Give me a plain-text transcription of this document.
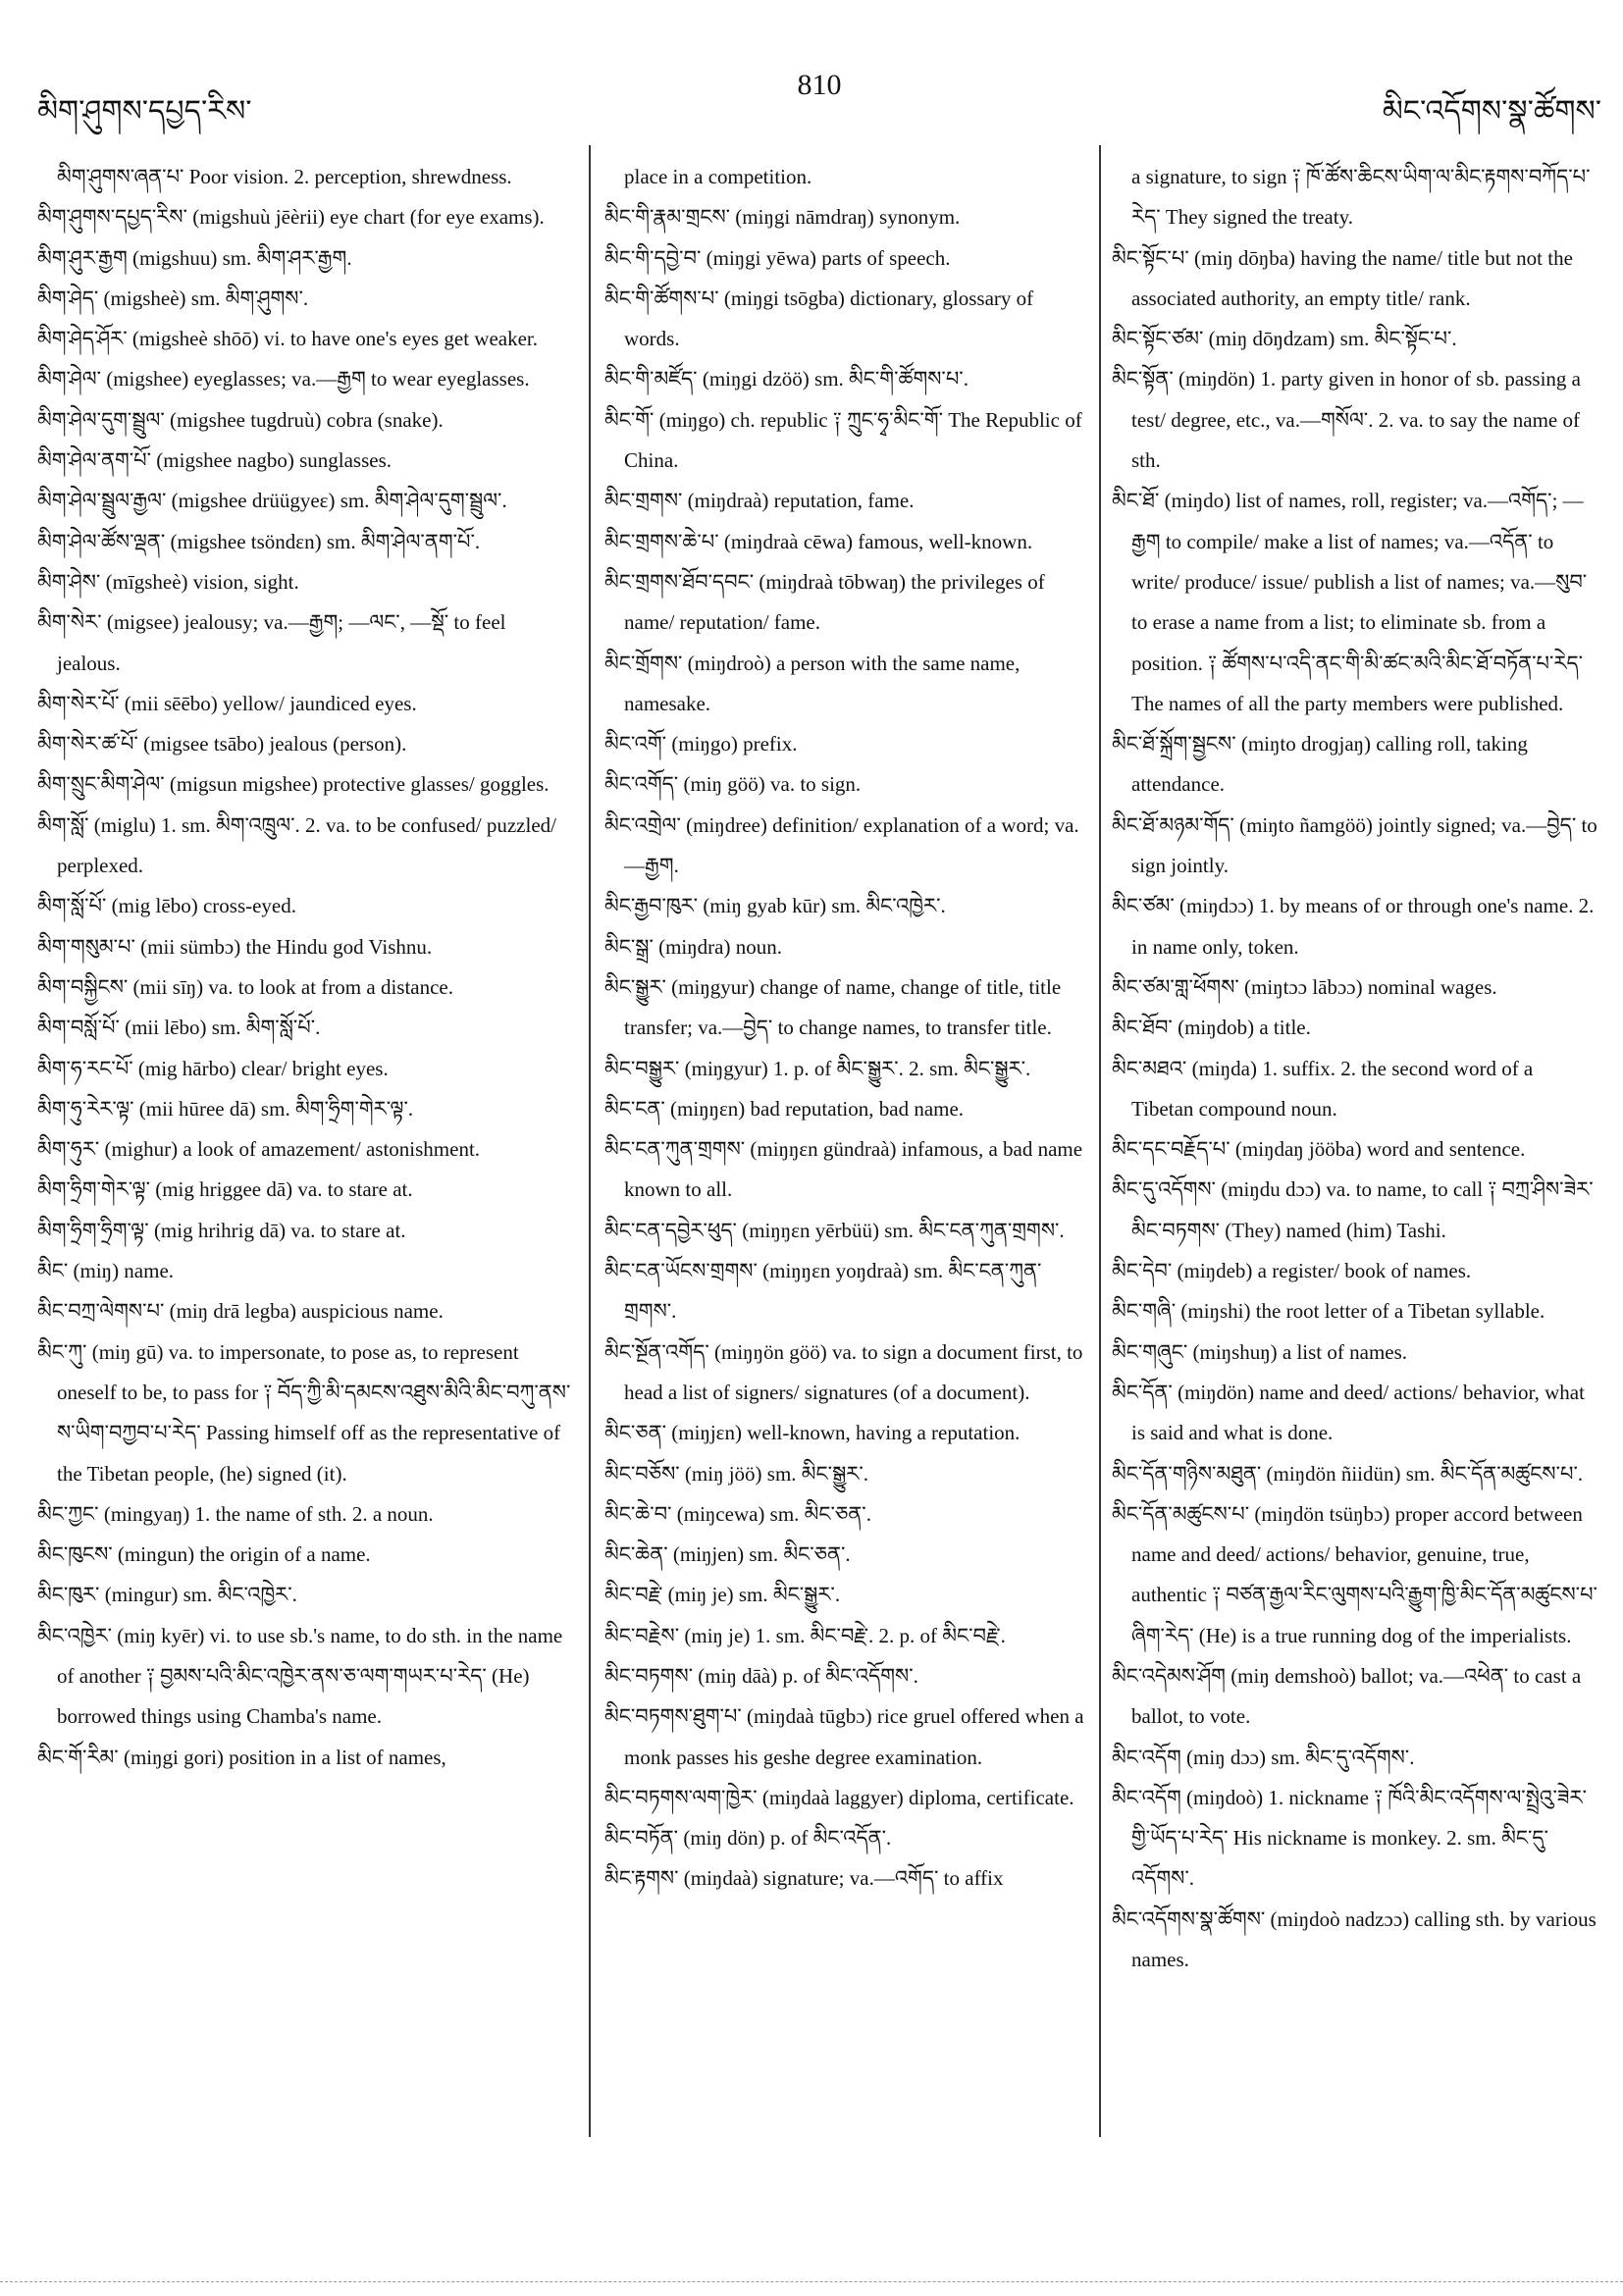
མིག་ཤུགས་དཔྱད་རིས་
810
མིང་འདོགས་སྣ་ཚོགས་

མིག་ཤུགས་ཞན་པ་ Poor vision. 2. perception, shrewdness.

མིག་ཤུགས་དཔྱད་རིས་ (migshuù jēèrii) eye chart (for eye exams).

མིག་ཤུར་རྒྱག (migshuu) sm. མིག་ཤར་རྒྱག.

མིག་ཤེད་ (migsheè) sm. མིག་ཤུགས་.

མིག་ཤེད་ཤོར་ (migsheè shōō) vi. to have one's eyes get weaker.

མིག་ཤེལ་ (migshee) eyeglasses; va.—རྒྱག to wear eyeglasses.

མིག་ཤེལ་དུག་སྦྲུལ་ (migshee tugdruù) cobra (snake).

མིག་ཤེལ་ནག་པོ་ (migshee nagbo) sunglasses.

མིག་ཤེལ་སྦྲུལ་རྒྱལ་ (migshee drüügyeɛ) sm. མིག་ཤེལ་དུག་སྦྲུལ་.

མིག་ཤེལ་ཚོས་ལྡན་ (migshee tsöndɛn) sm. མིག་ཤེལ་ནག་པོ་.

མིག་ཤེས་ (mīgsheè) vision, sight.

མིག་སེར་ (migsee) jealousy; va.—རྒྱག; —ལང་, —སྡོ་ to feel jealous.

མིག་སེར་པོ་ (mii sēēbo) yellow/ jaundiced eyes.

མིག་སེར་ཚ་པོ་ (migsee tsābo) jealous (person).

མིག་སྲུང་མིག་ཤེལ་ (migsun migshee) protective glasses/ goggles.

མིག་སློ་ (miglu) 1. sm. མིག་འཁྲུལ་. 2. va. to be confused/ puzzled/ perplexed.

མིག་སློ་པོ་ (mig lēbo) cross-eyed.

མིག་གསུམ་པ་ (mii sümbɔ) the Hindu god Vishnu.

མིག་བསྐྱིངས་ (mii sīŋ) va. to look at from a distance.

མིག་བསློ་པོ་ (mii lēbo) sm. མིག་སློ་པོ་.

མིག་ཧ་རང་པོ་ (mig hārbo) clear/ bright eyes.

མིག་ཧུ་རེར་ལྟ་ (mii hūree dā) sm. མིག་ཧྲིག་གེར་ལྟ་.

མིག་ཧུར་ (mighur) a look of amazement/ astonishment.

མིག་ཧྲིག་གེར་ལྟ་ (mig hriggee dā) va. to stare at.

མིག་ཧྲིག་ཧྲིག་ལྟ་ (mig hrihrig dā) va. to stare at.

མིང་ (miŋ) name.

མིང་བཀྲ་ལེགས་པ་ (miŋ drā legba) auspicious name.

མིང་ཀུ་ (miŋ gū) va. to impersonate, to pose as, to represent oneself to be, to pass for ༑ བོད་ཀྱི་མི་དམངས་འཐུས་མིའི་མིང་བཀུ་ནས་ས་ཡིག་བཀྱབ་པ་རེད་ Passing himself off as the representative of the Tibetan people, (he) signed (it).

མིང་ཀྱང་ (mingyaŋ) 1. the name of sth. 2. a noun.

མིང་ཁུངས་ (mingun) the origin of a name.

མིང་ཁུར་ (mingur) sm. མིང་འཁྱེར་.

མིང་འཁྱེར་ (miŋ kyēr) vi. to use sb.'s name, to do sth. in the name of another ༑ བྱམས་པའི་མིང་འཁྱེར་ནས་ཅ་ལག་གཡར་པ་རེད་ (He) borrowed things using Chamba's name.

མིང་གོ་རིམ་ (miŋgi gori) position in a list of names,

place in a competition.

མིང་གི་རྣམ་གྲངས་ (miŋgi nāmdraŋ) synonym.

མིང་གི་དབྱེ་བ་ (miŋgi yēwa) parts of speech.

མིང་གི་ཚོགས་པ་ (miŋgi tsōgba) dictionary, glossary of words.

མིང་གི་མཛོད་ (miŋgi dzöö) sm. མིང་གི་ཚོགས་པ་.

མིང་གོ་ (miŋgo) ch. republic ༑ ཀྲུང་ཧྭ་མིང་གོ་ The Republic of China.

མིང་གྲགས་ (miŋdraà) reputation, fame.

མིང་གྲགས་ཆེ་པ་ (miŋdraà cēwa) famous, well-known.

མིང་གྲགས་ཐོབ་དབང་ (miŋdraà tōbwaŋ) the privileges of name/ reputation/ fame.

མིང་གྲོགས་ (miŋdroò) a person with the same name, namesake.

མིང་འགོ་ (miŋgo) prefix.

མིང་འགོད་ (miŋ göö) va. to sign.

མིང་འགྲེལ་ (miŋdree) definition/ explanation of a word; va.—རྒྱག.

མིང་རྒྱབ་ཁུར་ (miŋ gyab kūr) sm. མིང་འཁྱེར་.

མིང་སྒྲ་ (miŋdra) noun.

མིང་སྒྱུར་ (miŋgyur) change of name, change of title, title transfer; va.—བྱེད་ to change names, to transfer title.

མིང་བསྒྱུར་ (miŋgyur) 1. p. of མིང་སྒྱུར་. 2. sm. མིང་སྒྱུར་.

མིང་ངན་ (miŋŋɛn) bad reputation, bad name.

མིང་ངན་ཀུན་གྲགས་ (miŋŋɛn gündraà) infamous, a bad name known to all.

མིང་ངན་དབྱེར་ཕུད་ (miŋŋɛn yērbüü) sm. མིང་ངན་ཀུན་གྲགས་.

མིང་ངན་ཡོངས་གྲགས་ (miŋŋɛn yoŋdraà) sm. མིང་ངན་ཀུན་གྲགས་.

མིང་སྔོན་འགོད་ (miŋŋön göö) va. to sign a document first, to head a list of signers/ signatures (of a document).

མིང་ཅན་ (miŋjɛn) well-known, having a reputation.

མིང་བཅོས་ (miŋ jöö) sm. མིང་སྒྱུར་.

མིང་ཆེ་བ་ (miŋcewa) sm. མིང་ཅན་.

མིང་ཆེན་ (miŋjen) sm. མིང་ཅན་.

མིང་བརྗེ་ (miŋ je) sm. མིང་སྒྱུར་.

མིང་བརྗེས་ (miŋ je) 1. sm. མིང་བརྗེ་. 2. p. of མིང་བརྗེ་.

མིང་བཏགས་ (miŋ dāà) p. of མིང་འདོགས་.

མིང་བཏགས་ཐུག་པ་ (miŋdaà tūgbɔ) rice gruel offered when a monk passes his geshe degree examination.

མིང་བཏགས་ལག་ཁྱེར་ (miŋdaà laggyer) diploma, certificate.

མིང་བཏོན་ (miŋ dön) p. of མིང་འདོན་.

མིང་རྟགས་ (miŋdaà) signature; va.—འགོད་ to affix

a signature, to sign ༑ ཁོ་ཚོས་ཆིངས་ཡིག་ལ་མིང་རྟགས་བཀོད་པ་རེད་ They signed the treaty.

མིང་སྟོང་པ་ (miŋ dōŋba) having the name/ title but not the associated authority, an empty title/ rank.

མིང་སྟོང་ཙམ་ (miŋ dōŋdzam) sm. མིང་སྟོང་པ་.

མིང་སྟོན་ (miŋdön) 1. party given in honor of sb. passing a test/ degree, etc., va.—གསོལ་. 2. va. to say the name of sth.

མིང་ཐོ་ (miŋdo) list of names, roll, register; va.—འགོད་; —རྒྱག to compile/ make a list of names; va.—འདོན་ to write/ produce/ issue/ publish a list of names; va.—སུབ་ to erase a name from a list; to eliminate sb. from a position. ༑ ཚོགས་པ་འདི་ནང་གི་མི་ཚང་མའི་མིང་ཐོ་བཏོན་པ་རེད་ The names of all the party members were published.

མིང་ཐོ་སྐྲོག་སྦྱངས་ (miŋto droɡjaŋ) calling roll, taking attendance.

མིང་ཐོ་མཉམ་གོད་ (miŋto ñamgöö) jointly signed; va.—བྱེད་ to sign jointly.

མིང་ཙམ་ (miŋdɔɔ) 1. by means of or through one's name. 2. in name only, token.

མིང་ཙམ་གླ་ཕོགས་ (miŋtɔɔ lābɔɔ) nominal wages.

མིང་ཐོབ་ (miŋdob) a title.

མིང་མཐའ་ (miŋda) 1. suffix. 2. the second word of a Tibetan compound noun.

མིང་དང་བརྗོད་པ་ (miŋdaŋ jööba) word and sentence.

མིང་དུ་འདོགས་ (miŋdu dɔɔ) va. to name, to call ༑ བཀྲ་ཤིས་ཟེར་མིང་བཏགས་ (They) named (him) Tashi.

མིང་དེབ་ (miŋdeb) a register/ book of names.

མིང་གཞི་ (miŋshi) the root letter of a Tibetan syllable.

མིང་གཞུང་ (miŋshuŋ) a list of names.

མིང་དོན་ (miŋdön) name and deed/ actions/ behavior, what is said and what is done.

མིང་དོན་གཉིས་མཐུན་ (miŋdön ñiidün) sm. མིང་དོན་མཚུངས་པ་.

མིང་དོན་མཚུངས་པ་ (miŋdön tsüŋbɔ) proper accord between name and deed/ actions/ behavior, genuine, true, authentic ༑ བཙན་རྒྱལ་རིང་ལུགས་པའི་རྒྱུག་ཁྱི་མིང་དོན་མཚུངས་པ་ཞིག་རེད་ (He) is a true running dog of the imperialists.

མིང་འདེམས་ཤོག (miŋ demshoò) ballot; va.—འཕེན་ to cast a ballot, to vote.

མིང་འདོག (miŋ dɔɔ) sm. མིང་དུ་འདོགས་.

མིང་འདོག (miŋdoò) 1. nickname ༑ ཁོའི་མིང་འདོགས་ལ་སྤྲེའུ་ཟེར་གྱི་ཡོད་པ་རེད་ His nickname is monkey. 2. sm. མིང་དུ་འདོགས་.

མིང་འདོགས་སྣ་ཚོགས་ (miŋdoò nadzɔɔ) calling sth. by various names.
